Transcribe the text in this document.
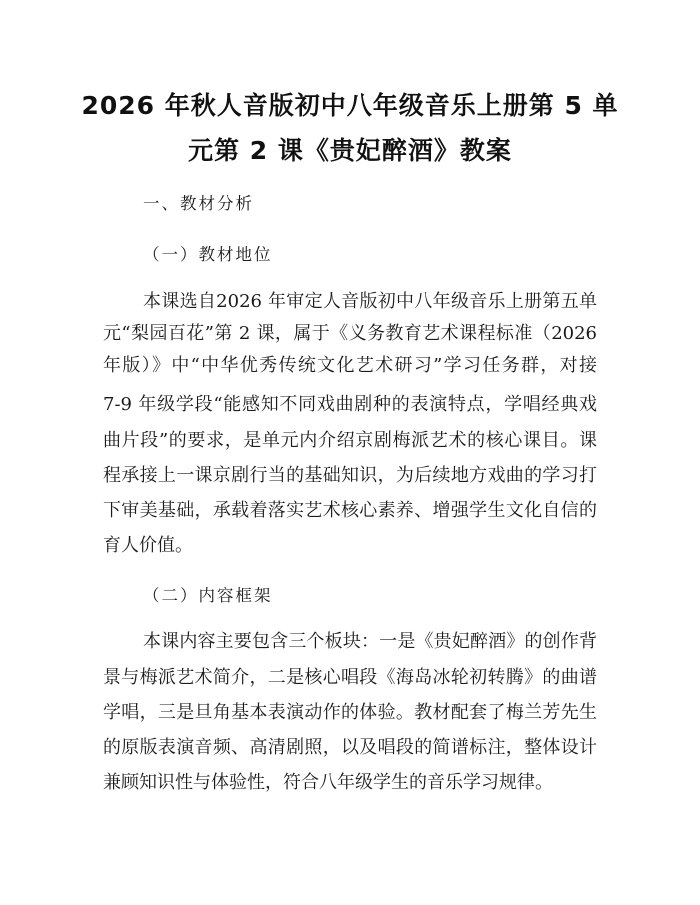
2026 年秋人音版初中八年级音乐上册第 5 单
元第 2 课《贵妃醉酒》教案
一、教材分析
（一）教材地位
本课选自2026 年审定人音版初中八年级音乐上册第五单
元“梨园百花”第 2 课，属于《义务教育艺术课程标准（2026
年版）》中“中华优秀传统文化艺术研习”学习任务群，对接
7-9 年级学段“能感知不同戏曲剧种的表演特点，学唱经典戏
曲片段”的要求，是单元内介绍京剧梅派艺术的核心课目。课
程承接上一课京剧行当的基础知识，为后续地方戏曲的学习打
下审美基础，承载着落实艺术核心素养、增强学生文化自信的
育人价值。
（二）内容框架
本课内容主要包含三个板块：一是《贵妃醉酒》的创作背
景与梅派艺术简介，二是核心唱段《海岛冰轮初转腾》的曲谱
学唱，三是旦角基本表演动作的体验。教材配套了梅兰芳先生
的原版表演音频、高清剧照，以及唱段的简谱标注，整体设计
兼顾知识性与体验性，符合八年级学生的音乐学习规律。
